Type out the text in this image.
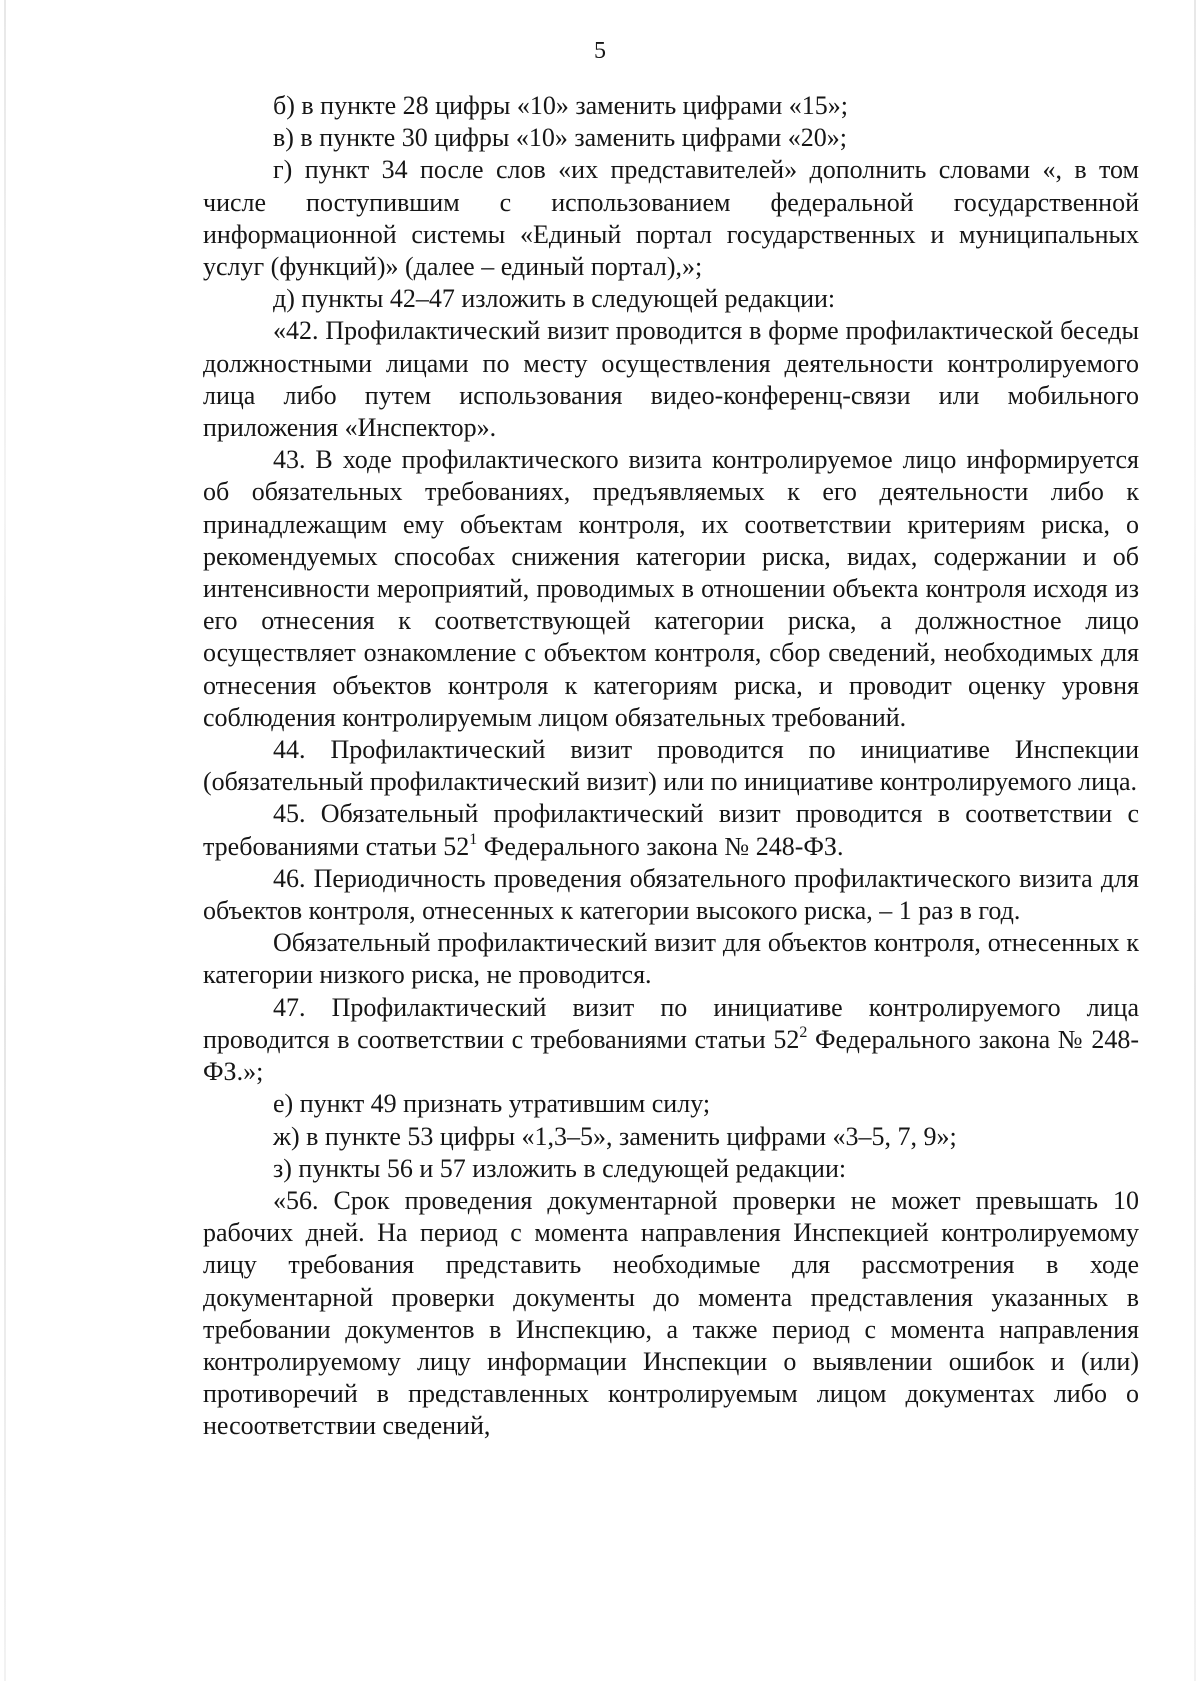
5

б) в пункте 28 цифры «10» заменить цифрами «15»;

в) в пункте 30 цифры «10» заменить цифрами «20»;

г) пункт 34 после слов «их представителей» дополнить словами «, в том числе поступившим с использованием федеральной государственной информационной системы «Единый портал государственных и муниципальных услуг (функций)» (далее – единый портал),»;

д) пункты 42–47 изложить в следующей редакции:

«42. Профилактический визит проводится в форме профилактической беседы должностными лицами по месту осуществления деятельности контролируемого лица либо путем использования видео-конференц-связи или мобильного приложения «Инспектор».

43. В ходе профилактического визита контролируемое лицо информируется об обязательных требованиях, предъявляемых к его деятельности либо к принадлежащим ему объектам контроля, их соответствии критериям риска, о рекомендуемых способах снижения категории риска, видах, содержании и об интенсивности мероприятий, проводимых в отношении объекта контроля исходя из его отнесения к соответствующей категории риска, а должностное лицо осуществляет ознакомление с объектом контроля, сбор сведений, необходимых для отнесения объектов контроля к категориям риска, и проводит оценку уровня соблюдения контролируемым лицом обязательных требований.

44. Профилактический визит проводится по инициативе Инспекции (обязательный профилактический визит) или по инициативе контролируемого лица.

45. Обязательный профилактический визит проводится в соответствии с требованиями статьи $52^1$ Федерального закона № 248-ФЗ.

46. Периодичность проведения обязательного профилактического визита для объектов контроля, отнесенных к категории высокого риска, – 1 раз в год.

Обязательный профилактический визит для объектов контроля, отнесенных к категории низкого риска, не проводится.

47. Профилактический визит по инициативе контролируемого лица проводится в соответствии с требованиями статьи $52^2$ Федерального закона № 248-ФЗ.»;

е) пункт 49 признать утратившим силу;

ж) в пункте 53 цифры «1,3–5», заменить цифрами «3–5, 7, 9»;

з) пункты 56 и 57 изложить в следующей редакции:

«56. Срок проведения документарной проверки не может превышать 10 рабочих дней. На период с момента направления Инспекцией контролируемому лицу требования представить необходимые для рассмотрения в ходе документарной проверки документы до момента представления указанных в требовании документов в Инспекцию, а также период с момента направления контролируемому лицу информации Инспекции о выявлении ошибок и (или) противоречий в представленных контролируемым лицом документах либо о несоответствии сведений,
